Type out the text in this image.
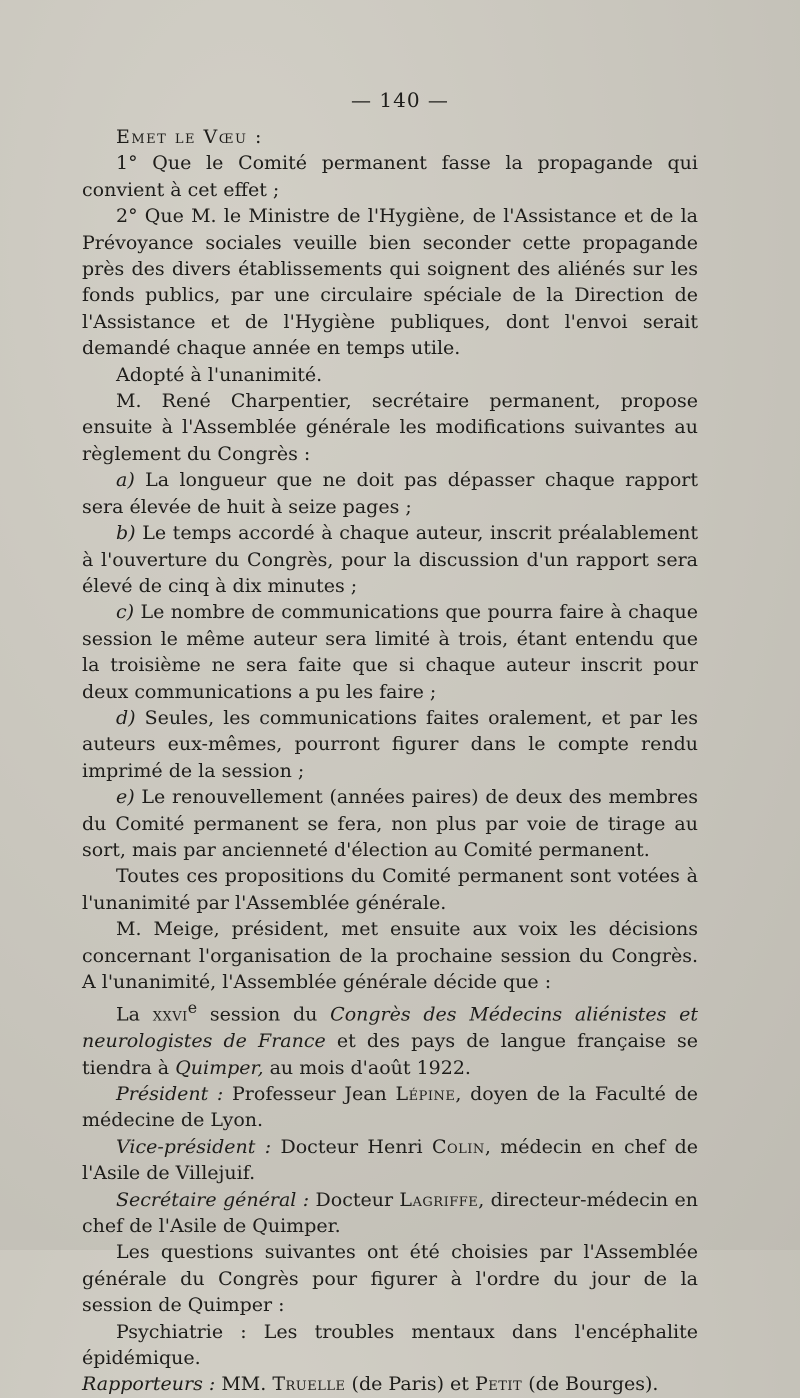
— 140 —

Emet le Vœu :

1° Que le Comité permanent fasse la propagande qui convient à cet effet ;

2° Que M. le Ministre de l'Hygiène, de l'Assistance et de la Prévoyance sociales veuille bien seconder cette propagande près des divers établissements qui soignent des aliénés sur les fonds publics, par une circulaire spéciale de la Direction de l'Assistance et de l'Hygiène publiques, dont l'envoi serait demandé chaque année en temps utile.

Adopté à l'unanimité.

M. René Charpentier, secrétaire permanent, propose ensuite à l'Assemblée générale les modifications suivantes au règlement du Congrès :

a) La longueur que ne doit pas dépasser chaque rapport sera élevée de huit à seize pages ;

b) Le temps accordé à chaque auteur, inscrit préalablement à l'ouverture du Congrès, pour la discussion d'un rapport sera élevé de cinq à dix minutes ;

c) Le nombre de communications que pourra faire à chaque session le même auteur sera limité à trois, étant entendu que la troisième ne sera faite que si chaque auteur inscrit pour deux communications a pu les faire ;

d) Seules, les communications faites oralement, et par les auteurs eux-mêmes, pourront figurer dans le compte rendu imprimé de la session ;

e) Le renouvellement (années paires) de deux des membres du Comité permanent se fera, non plus par voie de tirage au sort, mais par ancienneté d'élection au Comité permanent.

Toutes ces propositions du Comité permanent sont votées à l'unanimité par l'Assemblée générale.

M. Meige, président, met ensuite aux voix les décisions concernant l'organisation de la prochaine session du Congrès. A l'unanimité, l'Assemblée générale décide que :

La xxvi$^e$ session du Congrès des Médecins aliénistes et neurologistes de France et des pays de langue française se tiendra à Quimper, au mois d'août 1922.

Président : Professeur Jean Lépine, doyen de la Faculté de médecine de Lyon.

Vice-président : Docteur Henri Colin, médecin en chef de l'Asile de Villejuif.

Secrétaire général : Docteur Lagriffe, directeur-médecin en chef de l'Asile de Quimper.

Les questions suivantes ont été choisies par l'Assemblée générale du Congrès pour figurer à l'ordre du jour de la session de Quimper :

Psychiatrie : Les troubles mentaux dans l'encéphalite épidémique.

Rapporteurs : MM. Truelle (de Paris) et Petit (de Bourges).
